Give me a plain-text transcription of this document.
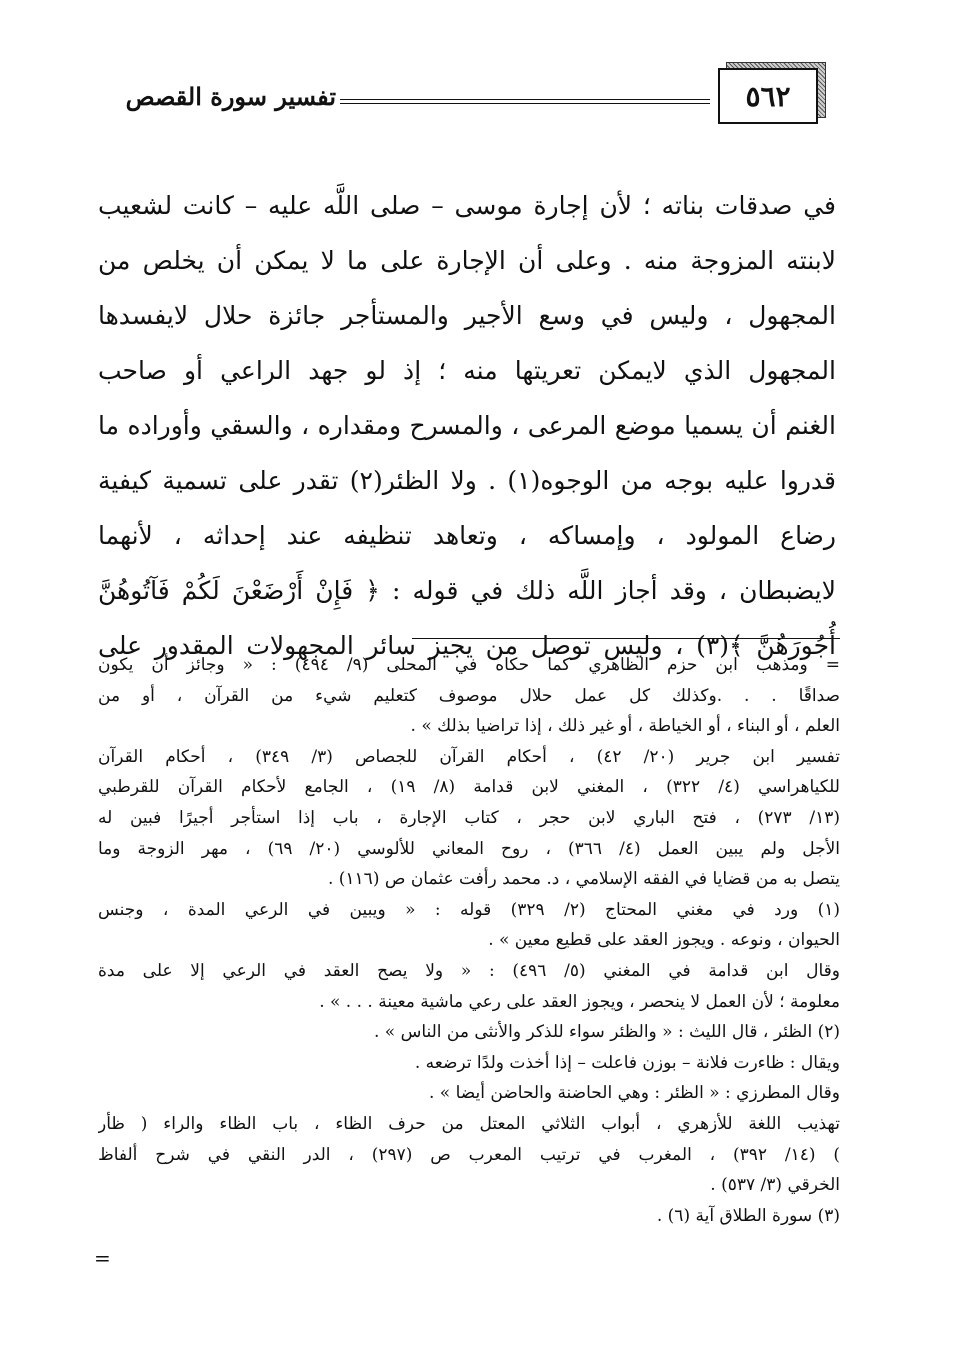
٥٦٢
تفسير سورة القصص
في صدقات بناته ؛ لأن إجارة موسى – صلى اللَّه عليه – كانت لشعيب
لابنته المزوجة منه . وعلى أن الإجارة على ما لا يمكن أن يخلص من
المجهول ، وليس في وسع الأجير والمستأجر جائزة حلال لايفسدها
المجهول الذي لايمكن تعريتها منه ؛ إذ لو جهد الراعي أو صاحب
الغنم أن يسميا موضع المرعى ، والمسرح ومقداره ، والسقي وأوراده ما
قدروا عليه بوجه من الوجوه(١) . ولا الظئر(٢) تقدر على تسمية كيفية
رضاع المولود ، وإمساكه ، وتعاهد تنظيفه عند إحداثه ، لأنهما
لايضبطان ، وقد أجاز اللَّه ذلك في قوله : ﴿ فَإِنْ أَرْضَعْنَ لَكُمْ فَآتُوهُنَّ
أُجُورَهُنَّ ﴾(٣) ، وليس توصل من يجيز سائر المجهولات المقدور على
= ومذهب ابن حزم الظاهري كما حكاه في المحلى (٩/ ٤٩٤) : « وجائز أن يكون
صداقًا . . .وكذلك كل عمل حلال موصوف كتعليم شيء من القرآن ، أو من
العلم ، أو البناء ، أو الخياطة ، أو غير ذلك ، إذا تراضيا بذلك » .
تفسير ابن جرير (٢٠/ ٤٢) ، أحكام القرآن للجصاص (٣/ ٣٤٩) ، أحكام القرآن
للكياهراسي (٤/ ٣٢٢) ، المغني لابن قدامة (٨/ ١٩) ، الجامع لأحكام القرآن للقرطبي
(١٣/ ٢٧٣) ، فتح الباري لابن حجر ، كتاب الإجارة ، باب إذا استأجر أجيرًا فبين له
الأجل ولم يبين العمل (٤/ ٣٦٦) ، روح المعاني للألوسي (٢٠/ ٦٩) ، مهر الزوجة وما
يتصل به من قضايا في الفقه الإسلامي ، د. محمد رأفت عثمان ص (١١٦) .
(١) ورد في مغني المحتاج (٢/ ٣٢٩) قوله : « ويبين في الرعي المدة ، وجنس
الحيوان ، ونوعه . ويجوز العقد على قطيع معين » .
وقال ابن قدامة في المغني (٥/ ٤٩٦) : « ولا يصح العقد في الرعي إلا على مدة
معلومة ؛ لأن العمل لا ينحصر ، ويجوز العقد على رعي ماشية معينة . . . » .
(٢) الظئر ، قال الليث : « والظئر سواء للذكر والأنثى من الناس » .
ويقال : ظاءرت فلانة – بوزن فاعلت – إذا أخذت ولدًا ترضعه .
وقال المطرزي : « الظئر : وهي الحاضنة والحاضن أيضا » .
تهذيب اللغة للأزهري ، أبواب الثلاثي المعتل من حرف الظاء ، باب الظاء والراء ( ظأر
) (١٤/ ٣٩٢) ، المغرب في ترتيب المعرب ص (٢٩٧) ، الدر النقي في شرح ألفاظ
الخرقي (٣/ ٥٣٧) .
(٣) سورة الطلاق آية (٦) .
=
